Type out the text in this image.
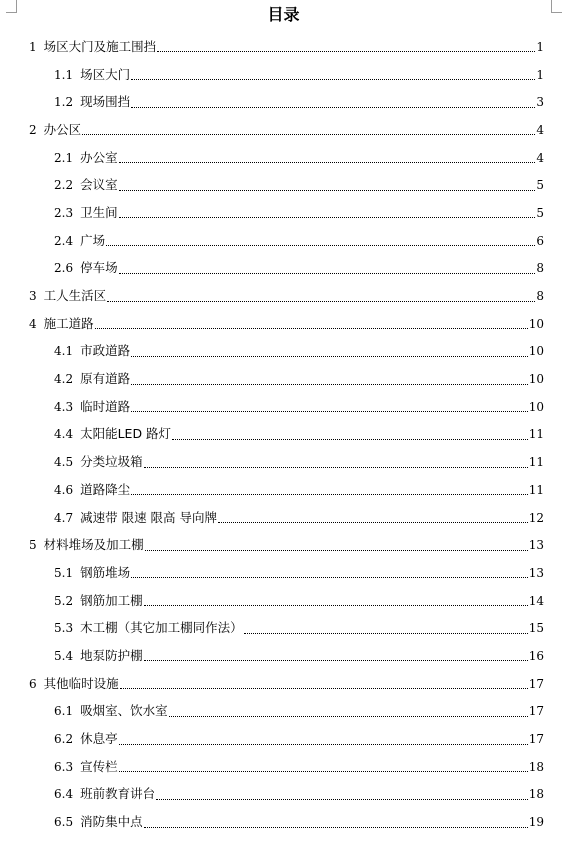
目录
1 场区大门及施工围挡	1
1.1 场区大门	1
1.2 现场围挡	3
2 办公区	4
2.1 办公室	4
2.2 会议室	5
2.3 卫生间	5
2.4 广场	6
2.6 停车场	8
3 工人生活区	8
4 施工道路	10
4.1 市政道路	10
4.2 原有道路	10
4.3 临时道路	10
4.4 太阳能LED 路灯	11
4.5 分类垃圾箱	11
4.6 道路降尘	11
4.7 减速带 限速 限高 导向牌	12
5 材料堆场及加工棚	13
5.1 钢筋堆场	13
5.2 钢筋加工棚	14
5.3 木工棚（其它加工棚同作法）	15
5.4 地泵防护棚	16
6 其他临时设施	17
6.1 吸烟室、饮水室	17
6.2 休息亭	17
6.3 宣传栏	18
6.4 班前教育讲台	18
6.5 消防集中点	19
